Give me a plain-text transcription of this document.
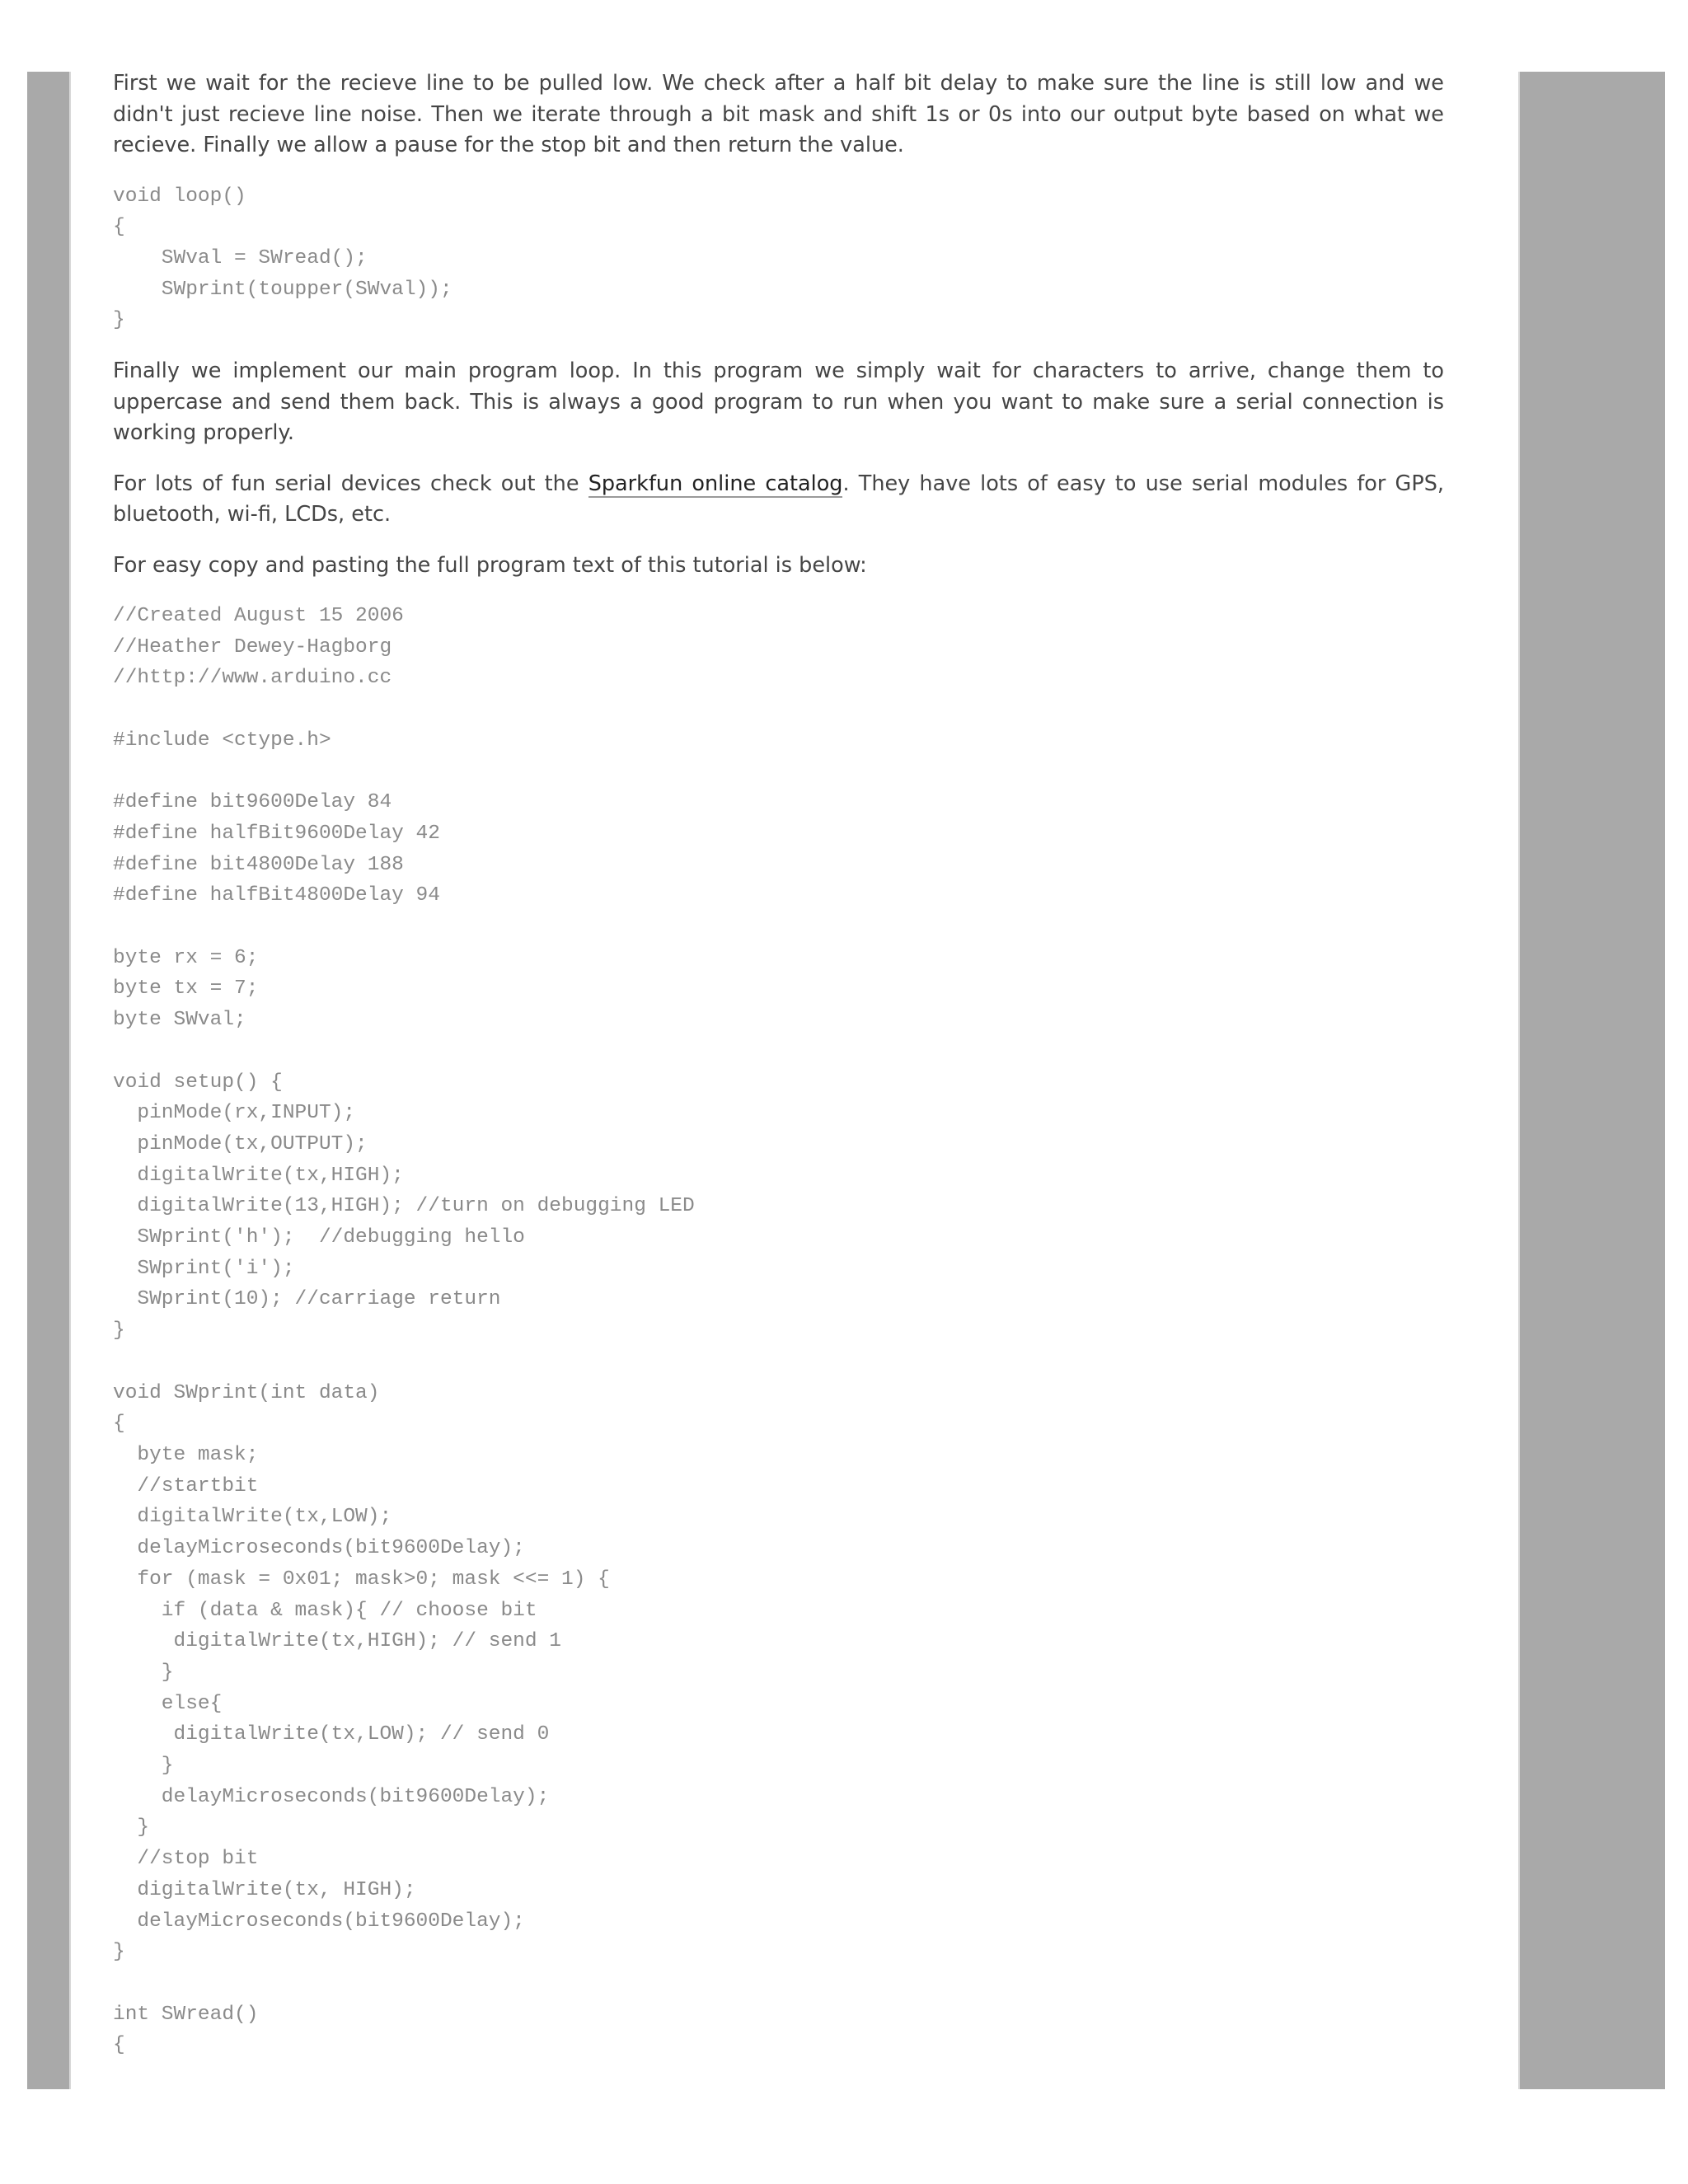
First we wait for the recieve line to be pulled low. We check after a half bit delay to make sure the line is still low and we didn't just recieve line noise. Then we iterate through a bit mask and shift 1s or 0s into our output byte based on what we recieve. Finally we allow a pause for the stop bit and then return the value.

void loop()
{
SWval = SWread();
SWprint(toupper(SWval));
}

Finally we implement our main program loop. In this program we simply wait for characters to arrive, change them to uppercase and send them back. This is always a good program to run when you want to make sure a serial connection is working properly.

For lots of fun serial devices check out the Sparkfun online catalog. They have lots of easy to use serial modules for GPS, bluetooth, wi-fi, LCDs, etc.

For easy copy and pasting the full program text of this tutorial is below:

//Created August 15 2006
//Heather Dewey-Hagborg
//http://www.arduino.cc

#include <ctype.h>

#define bit9600Delay 84
#define halfBit9600Delay 42
#define bit4800Delay 188
#define halfBit4800Delay 94

byte rx = 6;
byte tx = 7;
byte SWval;

void setup() {
pinMode(rx,INPUT);
pinMode(tx,OUTPUT);
digitalWrite(tx,HIGH);
digitalWrite(13,HIGH); //turn on debugging LED
SWprint('h');  //debugging hello
SWprint('i');
SWprint(10); //carriage return
}

void SWprint(int data)
{
byte mask;
//startbit
digitalWrite(tx,LOW);
delayMicroseconds(bit9600Delay);
for (mask = 0x01; mask>0; mask <<= 1) {
if (data & mask){ // choose bit
digitalWrite(tx,HIGH); // send 1
}
else{
digitalWrite(tx,LOW); // send 0
}
delayMicroseconds(bit9600Delay);
}
//stop bit
digitalWrite(tx, HIGH);
delayMicroseconds(bit9600Delay);
}

int SWread()
{
